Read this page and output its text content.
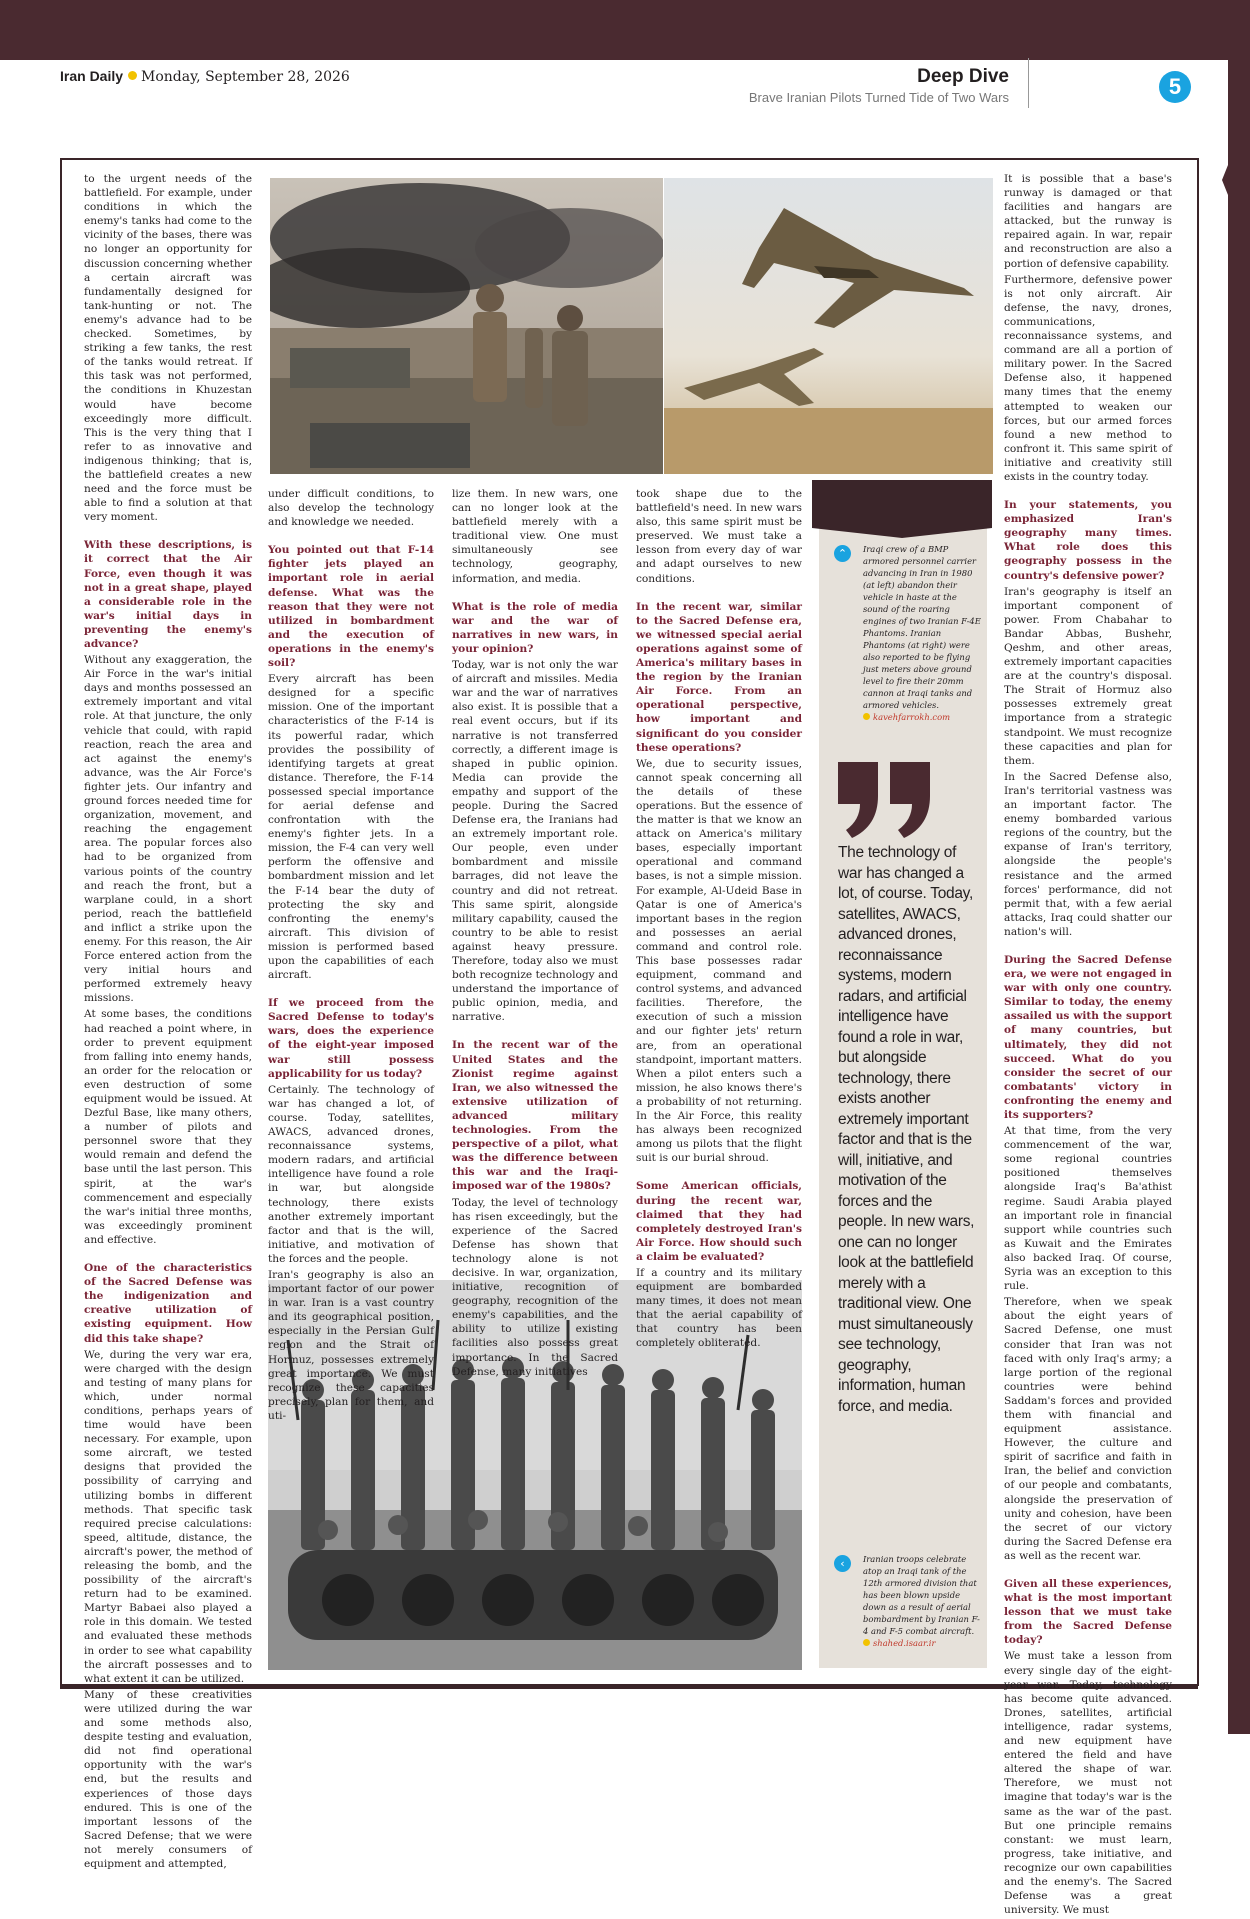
Iran Daily Monday, September 28, 2026	Deep Dive
Brave Iranian Pilots Turned Tide of Two Wars	5

to the urgent needs of the battlefield. For example, under conditions in which the enemy's tanks had come to the vicinity of the bases, there was no longer an opportunity for discussion concerning whether a certain aircraft was fundamentally designed for tank-hunting or not. The enemy's advance had to be checked. Sometimes, by striking a few tanks, the rest of the tanks would retreat. If this task was not performed, the conditions in Khuzestan would have become exceedingly more difficult. This is the very thing that I refer to as innovative and indigenous thinking; that is, the battlefield creates a new need and the force must be able to find a solution at that very moment.

With these descriptions, is it correct that the Air Force, even though it was not in a great shape, played a considerable role in the war's initial days in preventing the enemy's advance?

Without any exaggeration, the Air Force in the war's initial days and months possessed an extremely important and vital role. At that juncture, the only vehicle that could, with rapid reaction, reach the area and act against the enemy's advance, was the Air Force's fighter jets. Our infantry and ground forces needed time for organization, movement, and reaching the engagement area. The popular forces also had to be organized from various points of the country and reach the front, but a warplane could, in a short period, reach the battlefield and inflict a strike upon the enemy. For this reason, the Air Force entered action from the very initial hours and performed extremely heavy missions.

At some bases, the conditions had reached a point where, in order to prevent equipment from falling into enemy hands, an order for the relocation or even destruction of some equipment would be issued. At Dezful Base, like many others, a number of pilots and personnel swore that they would remain and defend the base until the last person. This spirit, at the war's commencement and especially the war's initial three months, was exceedingly prominent and effective.

One of the characteristics of the Sacred Defense was the indigenization and creative utilization of existing equipment. How did this take shape?

We, during the very war era, were charged with the design and testing of many plans for which, under normal conditions, perhaps years of time would have been necessary. For example, upon some aircraft, we tested designs that provided the possibility of carrying and utilizing bombs in different methods. That specific task required precise calculations: speed, altitude, distance, the aircraft's power, the method of releasing the bomb, and the possibility of the aircraft's return had to be examined. Martyr Babaei also played a role in this domain. We tested and evaluated these methods in order to see what capability the aircraft possesses and to what extent it can be utilized.

Many of these creativities were utilized during the war and some methods also, despite testing and evaluation, did not find operational opportunity with the war's end, but the results and experiences of those days endured. This is one of the important lessons of the Sacred Defense; that we were not merely consumers of equipment and attempted,

under difficult conditions, to also develop the technology and knowledge we needed.

You pointed out that F-14 fighter jets played an important role in aerial defense. What was the reason that they were not utilized in bombardment and the execution of operations in the enemy's soil?

Every aircraft has been designed for a specific mission. One of the important characteristics of the F-14 is its powerful radar, which provides the possibility of identifying targets at great distance. Therefore, the F-14 possessed special importance for aerial defense and confrontation with the enemy's fighter jets. In a mission, the F-4 can very well perform the offensive and bombardment mission and let the F-14 bear the duty of protecting the sky and confronting the enemy's aircraft. This division of mission is performed based upon the capabilities of each aircraft.

If we proceed from the Sacred Defense to today's wars, does the experience of the eight-year imposed war still possess applicability for us today?

Certainly. The technology of war has changed a lot, of course. Today, satellites, AWACS, advanced drones, reconnaissance systems, modern radars, and artificial intelligence have found a role in war, but alongside technology, there exists another extremely important factor and that is the will, initiative, and motivation of the forces and the people.

Iran's geography is also an important factor of our power in war. Iran is a vast country and its geographical position, especially in the Persian Gulf region and the Strait of Hormuz, possesses extremely great importance. We must recognize these capacities precisely, plan for them, and uti-

lize them. In new wars, one can no longer look at the battlefield merely with a traditional view. One must simultaneously see technology, geography, information, and media.

What is the role of media war and the war of narratives in new wars, in your opinion?

Today, war is not only the war of aircraft and missiles. Media war and the war of narratives also exist. It is possible that a real event occurs, but if its narrative is not transferred correctly, a different image is shaped in public opinion. Media can provide the empathy and support of the people. During the Sacred Defense era, the Iranians had an extremely important role. Our people, even under bombardment and missile barrages, did not leave the country and did not retreat. This same spirit, alongside military capability, caused the country to be able to resist against heavy pressure. Therefore, today also we must both recognize technology and understand the importance of public opinion, media, and narrative.

In the recent war of the United States and the Zionist regime against Iran, we also witnessed the extensive utilization of advanced military technologies. From the perspective of a pilot, what was the difference between this war and the Iraqi-imposed war of the 1980s?

Today, the level of technology has risen exceedingly, but the experience of the Sacred Defense has shown that technology alone is not decisive. In war, organization, initiative, recognition of geography, recognition of the enemy's capabilities, and the ability to utilize existing facilities also possess great importance. In the Sacred Defense, many initiatives

took shape due to the battlefield's need. In new wars also, this same spirit must be preserved. We must take a lesson from every day of war and adapt ourselves to new conditions.

In the recent war, similar to the Sacred Defense era, we witnessed special aerial operations against some of America's military bases in the region by the Iranian Air Force. From an operational perspective, how important and significant do you consider these operations?

We, due to security issues, cannot speak concerning all the details of these operations. But the essence of the matter is that we know an attack on America's military bases, especially important operational and command bases, is not a simple mission. For example, Al-Udeid Base in Qatar is one of America's important bases in the region and possesses an aerial command and control role. This base possesses radar equipment, command and control systems, and advanced facilities. Therefore, the execution of such a mission and our fighter jets' return are, from an operational standpoint, important matters. When a pilot enters such a mission, he also knows there's a probability of not returning. In the Air Force, this reality has always been recognized among us pilots that the flight suit is our burial shroud.

Some American officials, during the recent war, claimed that they had completely destroyed Iran's Air Force. How should such a claim be evaluated?

If a country and its military equipment are bombarded many times, it does not mean that the aerial capability of that country has been completely obliterated.

It is possible that a base's runway is damaged or that facilities and hangars are attacked, but the runway is repaired again. In war, repair and reconstruction are also a portion of defensive capability.

Furthermore, defensive power is not only aircraft. Air defense, the navy, drones, communications, reconnaissance systems, and command are all a portion of military power. In the Sacred Defense also, it happened many times that the enemy attempted to weaken our forces, but our armed forces found a new method to confront it. This same spirit of initiative and creativity still exists in the country today.

In your statements, you emphasized Iran's geography many times. What role does this geography possess in the country's defensive power?

Iran's geography is itself an important component of power. From Chabahar to Bandar Abbas, Bushehr, Qeshm, and other areas, extremely important capacities are at the country's disposal. The Strait of Hormuz also possesses extremely great importance from a strategic standpoint. We must recognize these capacities and plan for them.

In the Sacred Defense also, Iran's territorial vastness was an important factor. The enemy bombarded various regions of the country, but the expanse of Iran's territory, alongside the people's resistance and the armed forces' performance, did not permit that, with a few aerial attacks, Iraq could shatter our nation's will.

During the Sacred Defense era, we were not engaged in war with only one country. Similar to today, the enemy assailed us with the support of many countries, but ultimately, they did not succeed. What do you consider the secret of our combatants' victory in confronting the enemy and its supporters?

At that time, from the very commencement of the war, some regional countries positioned themselves alongside Iraq's Ba'athist regime. Saudi Arabia played an important role in financial support while countries such as Kuwait and the Emirates also backed Iraq. Of course, Syria was an exception to this rule.

Therefore, when we speak about the eight years of Sacred Defense, one must consider that Iran was not faced with only Iraq's army; a large portion of the regional countries were behind Saddam's forces and provided them with financial and equipment assistance. However, the culture and spirit of sacrifice and faith in Iran, the belief and conviction of our people and combatants, alongside the preservation of unity and cohesion, have been the secret of our victory during the Sacred Defense era as well as the recent war.

Given all these experiences, what is the most important lesson that we must take from the Sacred Defense today?

We must take a lesson from every single day of the eight-year war. Today, technology has become quite advanced. Drones, satellites, artificial intelligence, radar systems, and new equipment have entered the field and have altered the shape of war. Therefore, we must not imagine that today's war is the same as the war of the past. But one principle remains constant: we must learn, progress, take initiative, and recognize our own capabilities and the enemy's. The Sacred Defense was a great university. We must

⌃	Iraqi crew of a BMP armored personnel carrier advancing in Iran in 1980 (at left) abandon their vehicle in haste at the sound of the roaring engines of two Iranian F-4E Phantoms. Iranian Phantoms (at right) were also reported to be flying just meters above ground level to fire their 20mm cannon at Iraqi tanks and armored vehicles.
kavehfarrokh.com
The technology of war has changed a lot, of course. Today, satellites, AWACS, advanced drones, reconnaissance systems, modern radars, and artificial intelligence have found a role in war, but alongside technology, there exists another extremely important factor and that is the will, initiative, and motivation of the forces and the people. In new wars, one can no longer look at the battlefield merely with a traditional view. One must simultaneously see technology, geography, information, human force, and media.
‹	Iranian troops celebrate atop an Iraqi tank of the 12th armored division that has been blown upside down as a result of aerial bombardment by Iranian F-4 and F-5 combat aircraft.
shahed.isaar.ir
